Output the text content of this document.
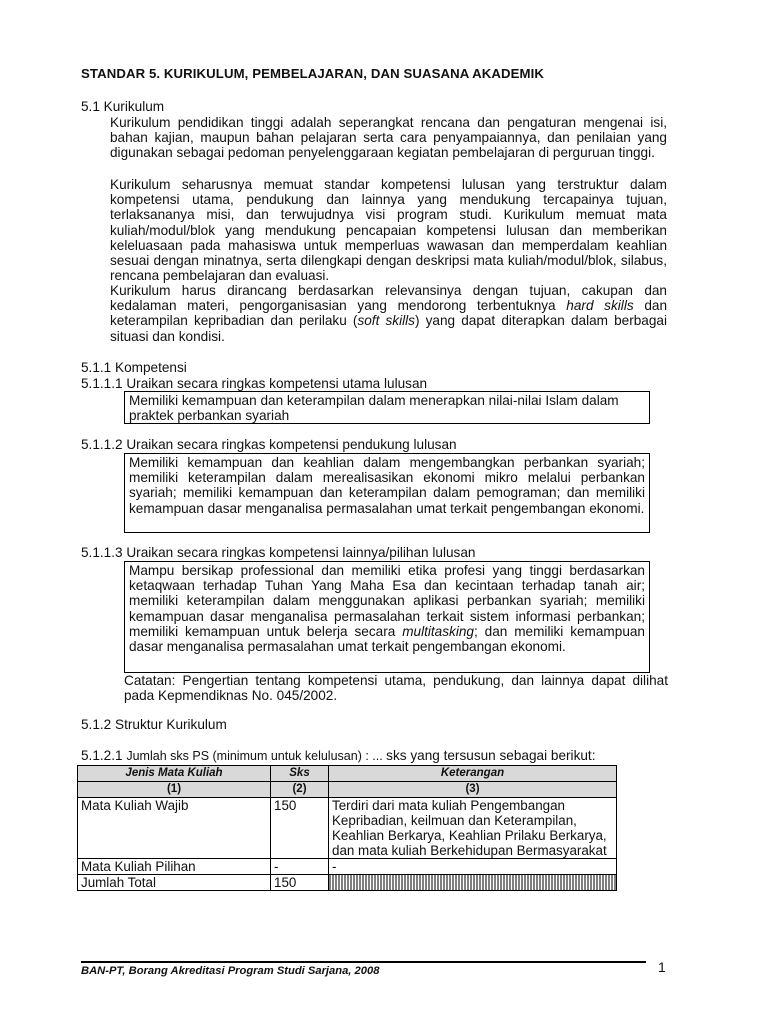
STANDAR 5. KURIKULUM, PEMBELAJARAN, DAN SUASANA AKADEMIK
5.1 Kurikulum
Kurikulum pendidikan tinggi adalah seperangkat rencana dan pengaturan mengenai isi, bahan kajian, maupun bahan pelajaran serta cara penyampaiannya, dan penilaian yang digunakan sebagai pedoman penyelenggaraan kegiatan pembelajaran di perguruan tinggi.
Kurikulum seharusnya memuat standar kompetensi lulusan yang terstruktur dalam kompetensi utama, pendukung dan lainnya yang mendukung tercapainya tujuan, terlaksananya misi, dan terwujudnya visi program studi. Kurikulum memuat mata kuliah/modul/blok yang mendukung pencapaian kompetensi lulusan dan memberikan keleluasaan pada mahasiswa untuk memperluas wawasan dan memperdalam keahlian sesuai dengan minatnya, serta dilengkapi dengan deskripsi mata kuliah/modul/blok, silabus, rencana pembelajaran dan evaluasi.
Kurikulum harus dirancang berdasarkan relevansinya dengan tujuan, cakupan dan kedalaman materi, pengorganisasian yang mendorong terbentuknya hard skills dan keterampilan kepribadian dan perilaku (soft skills) yang dapat diterapkan dalam berbagai situasi dan kondisi.
5.1.1 Kompetensi
5.1.1.1 Uraikan secara ringkas kompetensi utama lulusan
Memiliki kemampuan dan keterampilan dalam menerapkan nilai-nilai Islam dalam praktek perbankan syariah
5.1.1.2 Uraikan secara ringkas kompetensi pendukung lulusan
Memiliki kemampuan dan keahlian dalam mengembangkan perbankan syariah; memiliki keterampilan dalam merealisasikan ekonomi mikro melalui perbankan syariah; memiliki kemampuan dan keterampilan dalam pemograman; dan memiliki kemampuan dasar menganalisa permasalahan umat terkait pengembangan ekonomi.
5.1.1.3 Uraikan secara ringkas kompetensi lainnya/pilihan lulusan
Mampu bersikap professional dan memiliki etika profesi yang tinggi berdasarkan ketaqwaan terhadap Tuhan Yang Maha Esa dan kecintaan terhadap tanah air; memiliki keterampilan dalam menggunakan aplikasi perbankan syariah; memiliki kemampuan dasar menganalisa permasalahan terkait sistem informasi perbankan; memiliki kemampuan untuk belerja secara multitasking; dan memiliki kemampuan dasar menganalisa permasalahan umat terkait pengembangan ekonomi.
Catatan: Pengertian tentang kompetensi utama, pendukung, dan lainnya dapat dilihat pada Kepmendiknas No. 045/2002.
5.1.2 Struktur Kurikulum
5.1.2.1 Jumlah sks PS (minimum untuk kelulusan) : ... sks yang tersusun sebagai berikut:
Jenis Mata Kuliah	Sks	Keterangan
(1)	(2)	(3)
Mata Kuliah Wajib	150	Terdiri dari mata kuliah Pengembangan Kepribadian, keilmuan dan Keterampilan, Keahlian Berkarya, Keahlian Prilaku Berkarya, dan mata kuliah Berkehidupan Bermasyarakat
Mata Kuliah Pilihan	-	-
Jumlah Total	150	
BAN-PT, Borang Akreditasi Program Studi Sarjana, 2008	1
